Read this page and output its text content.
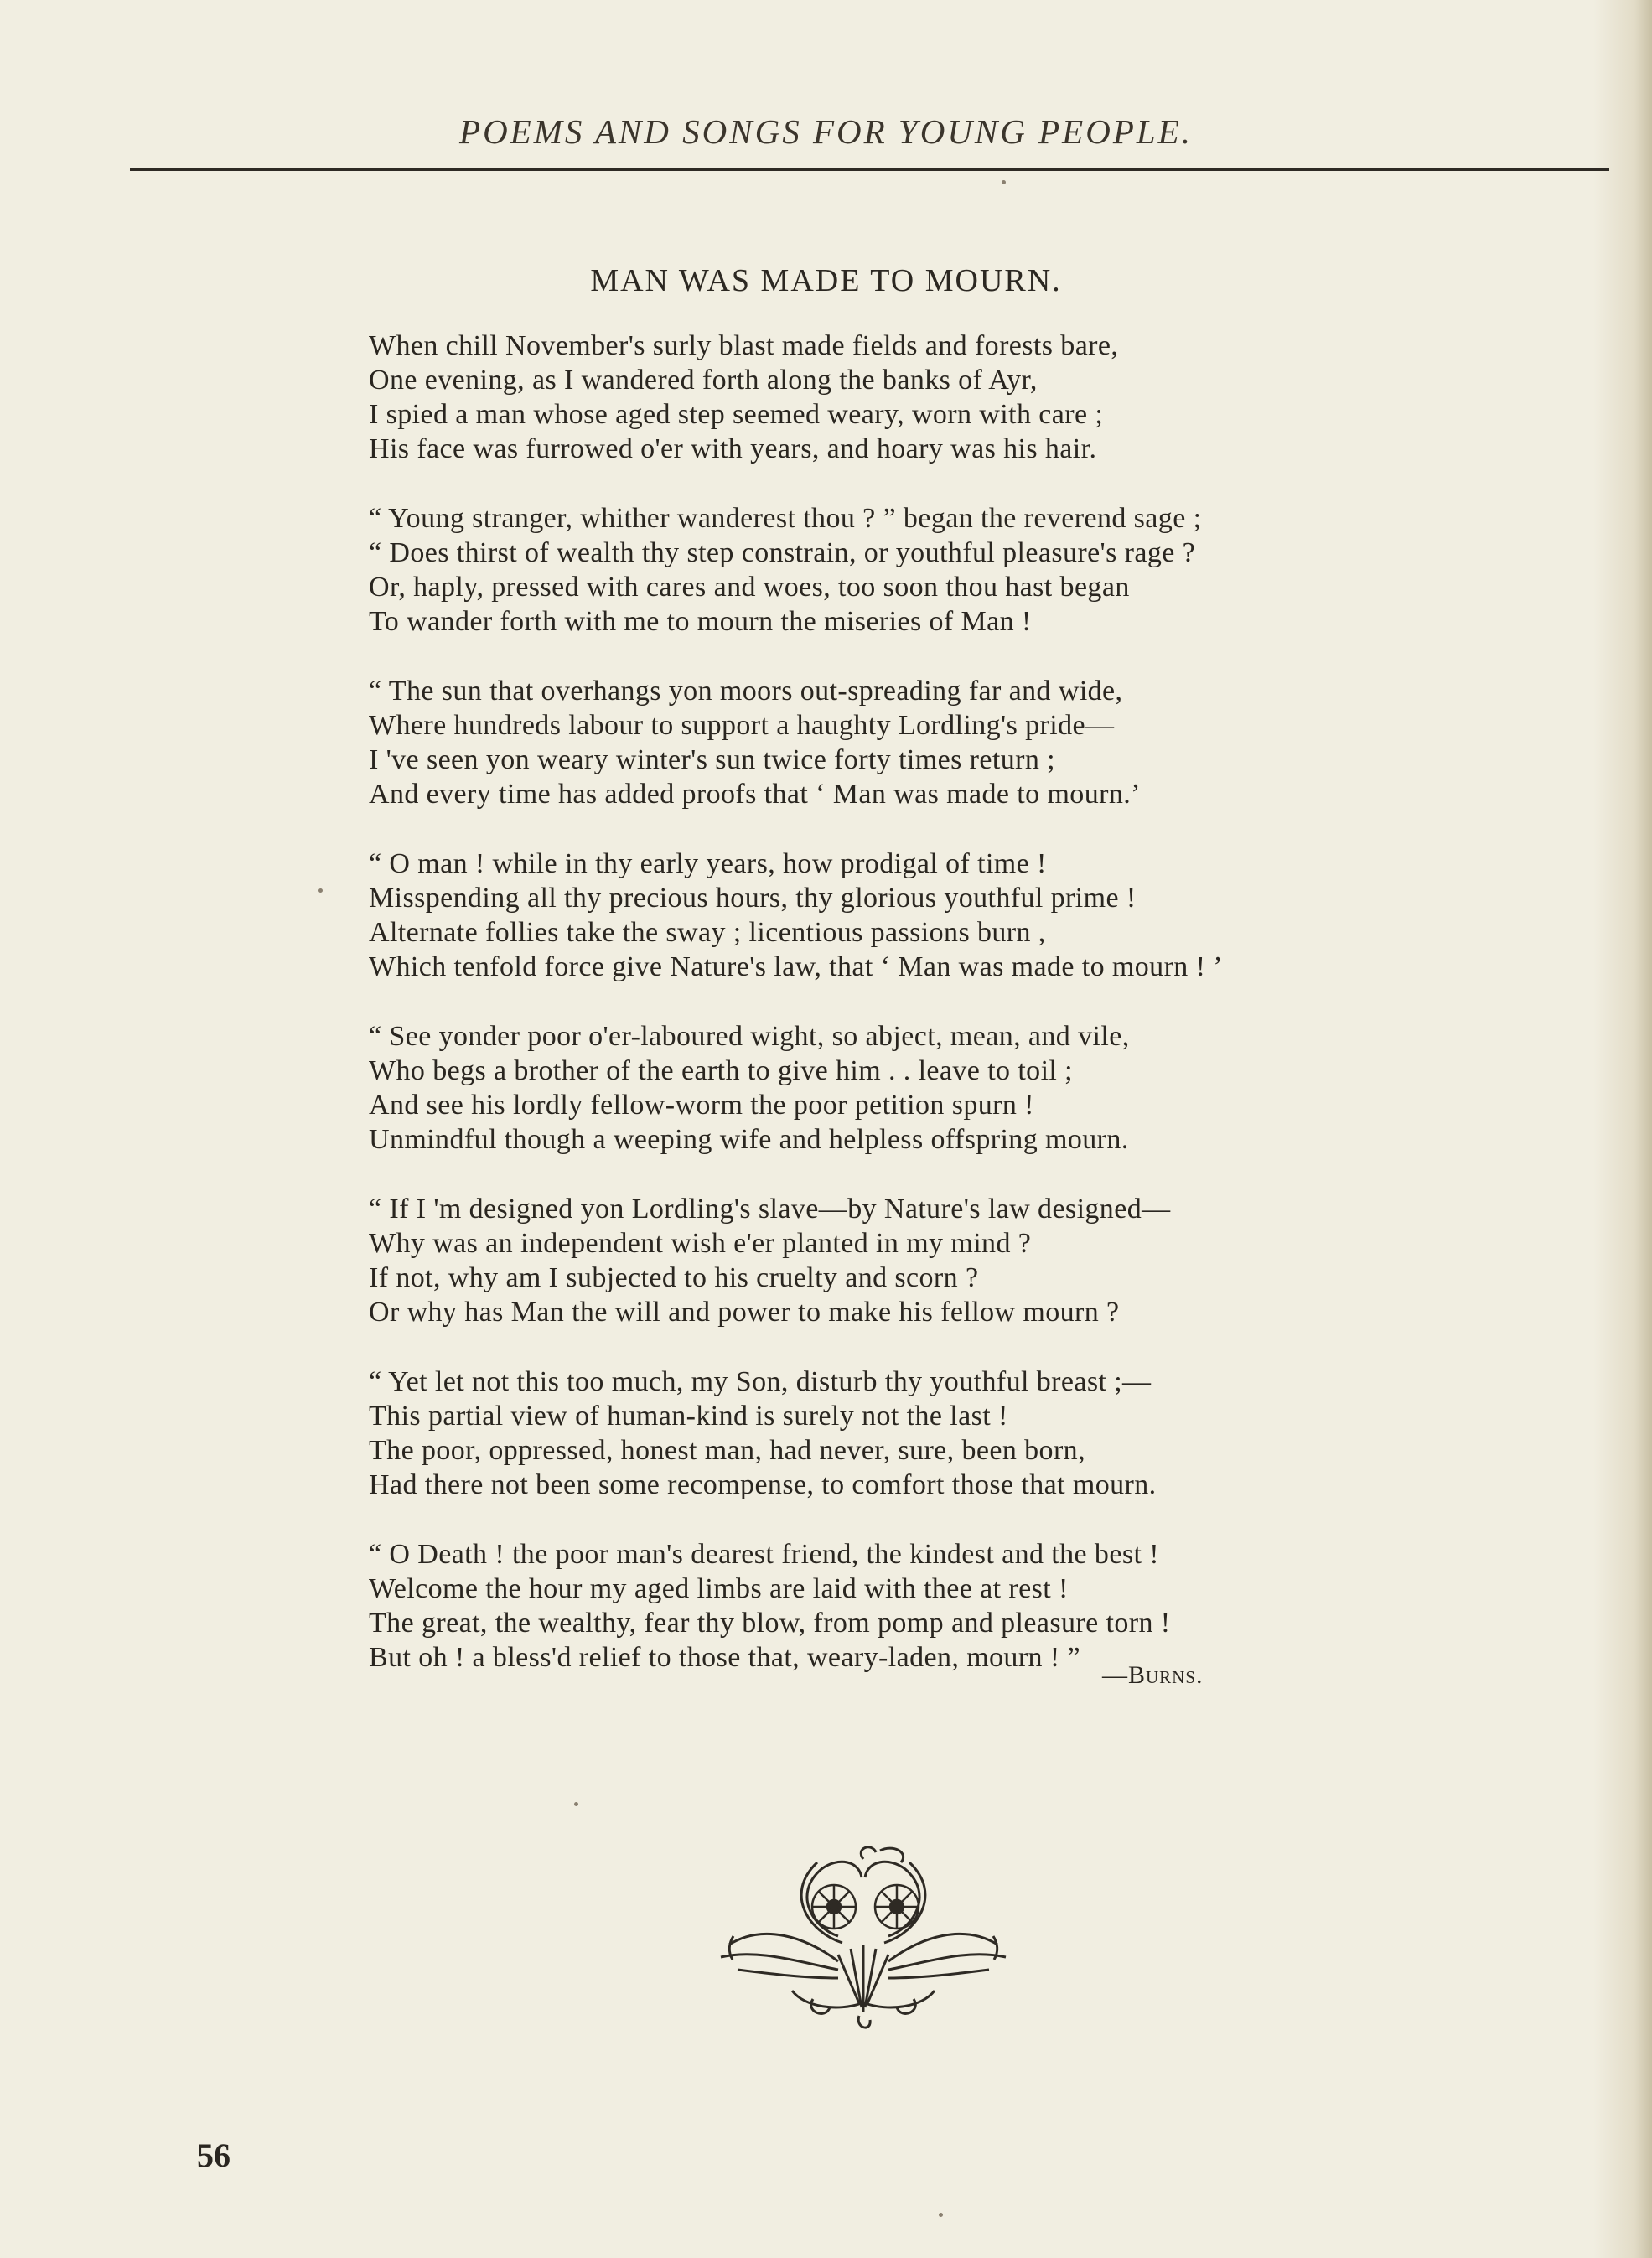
POEMS AND SONGS FOR YOUNG PEOPLE.
MAN WAS MADE TO MOURN.
When chill November's surly blast made fields and forests bare,
One evening, as I wandered forth along the banks of Ayr,
I spied a man whose aged step seemed weary, worn with care ;
His face was furrowed o'er with years, and hoary was his hair.
“ Young stranger, whither wanderest thou ? ” began the reverend sage ;
“ Does thirst of wealth thy step constrain, or youthful pleasure's rage ?
Or, haply, pressed with cares and woes, too soon thou hast began
To wander forth with me to mourn the miseries of Man !
“ The sun that overhangs yon moors out-spreading far and wide,
Where hundreds labour to support a haughty Lordling's pride—
I 've seen yon weary winter's sun twice forty times return ;
And every time has added proofs that ‘ Man was made to mourn.’
“ O man ! while in thy early years, how prodigal of time !
Misspending all thy precious hours, thy glorious youthful prime !
Alternate follies take the sway ; licentious passions burn ,
Which tenfold force give Nature's law, that ‘ Man was made to mourn ! ’
“ See yonder poor o'er-laboured wight, so abject, mean, and vile,
Who begs a brother of the earth to give him . . leave to toil ;
And see his lordly fellow-worm the poor petition spurn !
Unmindful though a weeping wife and helpless offspring mourn.
“ If I 'm designed yon Lordling's slave—by Nature's law designed—
Why was an independent wish e'er planted in my mind ?
If not, why am I subjected to his cruelty and scorn ?
Or why has Man the will and power to make his fellow mourn ?
“ Yet let not this too much, my Son, disturb thy youthful breast ;—
This partial view of human-kind is surely not the last !
The poor, oppressed, honest man, had never, sure, been born,
Had there not been some recompense, to comfort those that mourn.
“ O Death ! the poor man's dearest friend, the kindest and the best !
Welcome the hour my aged limbs are laid with thee at rest !
The great, the wealthy, fear thy blow, from pomp and pleasure torn !
But oh ! a bless'd relief to those that, weary-laden, mourn ! ”
—Burns.
56
